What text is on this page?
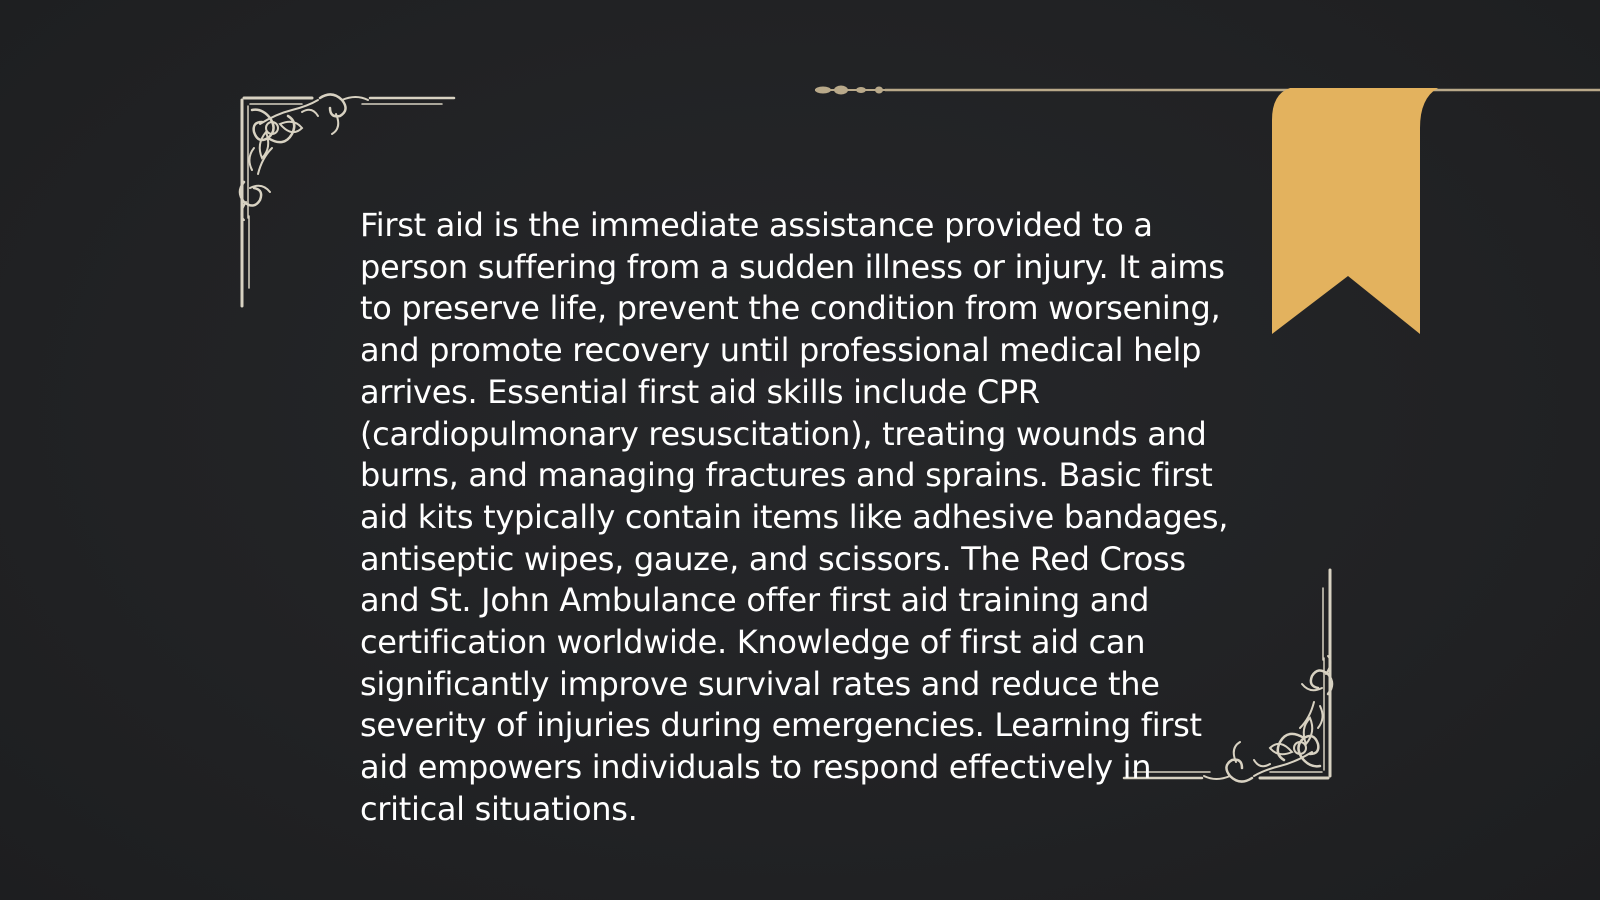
First aid is the immediate assistance provided to a person suffering from a sudden illness or injury. It aims to preserve life, prevent the condition from worsening, and promote recovery until professional medical help arrives. Essential first aid skills include CPR (cardiopulmonary resuscitation), treating wounds and burns, and managing fractures and sprains. Basic first aid kits typically contain items like adhesive bandages, antiseptic wipes, gauze, and scissors. The Red Cross and St. John Ambulance offer first aid training and certification worldwide. Knowledge of first aid can significantly improve survival rates and reduce the severity of injuries during emergencies. Learning first aid empowers individuals to respond effectively in critical situations.
